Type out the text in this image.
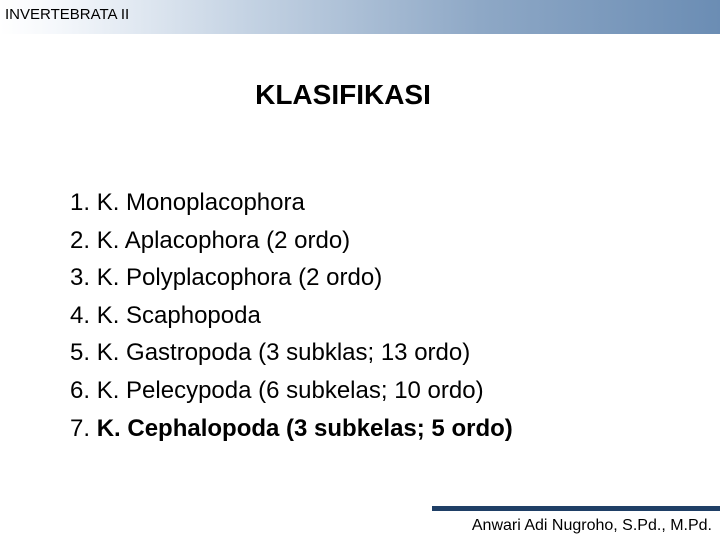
INVERTEBRATA II
KLASIFIKASI
1. K. Monoplacophora
2. K. Aplacophora (2 ordo)
3. K. Polyplacophora (2 ordo)
4. K. Scaphopoda
5. K. Gastropoda (3 subklas; 13 ordo)
6. K. Pelecypoda (6 subkelas; 10 ordo)
7. K. Cephalopoda (3 subkelas; 5 ordo)
Anwari Adi Nugroho, S.Pd., M.Pd.
